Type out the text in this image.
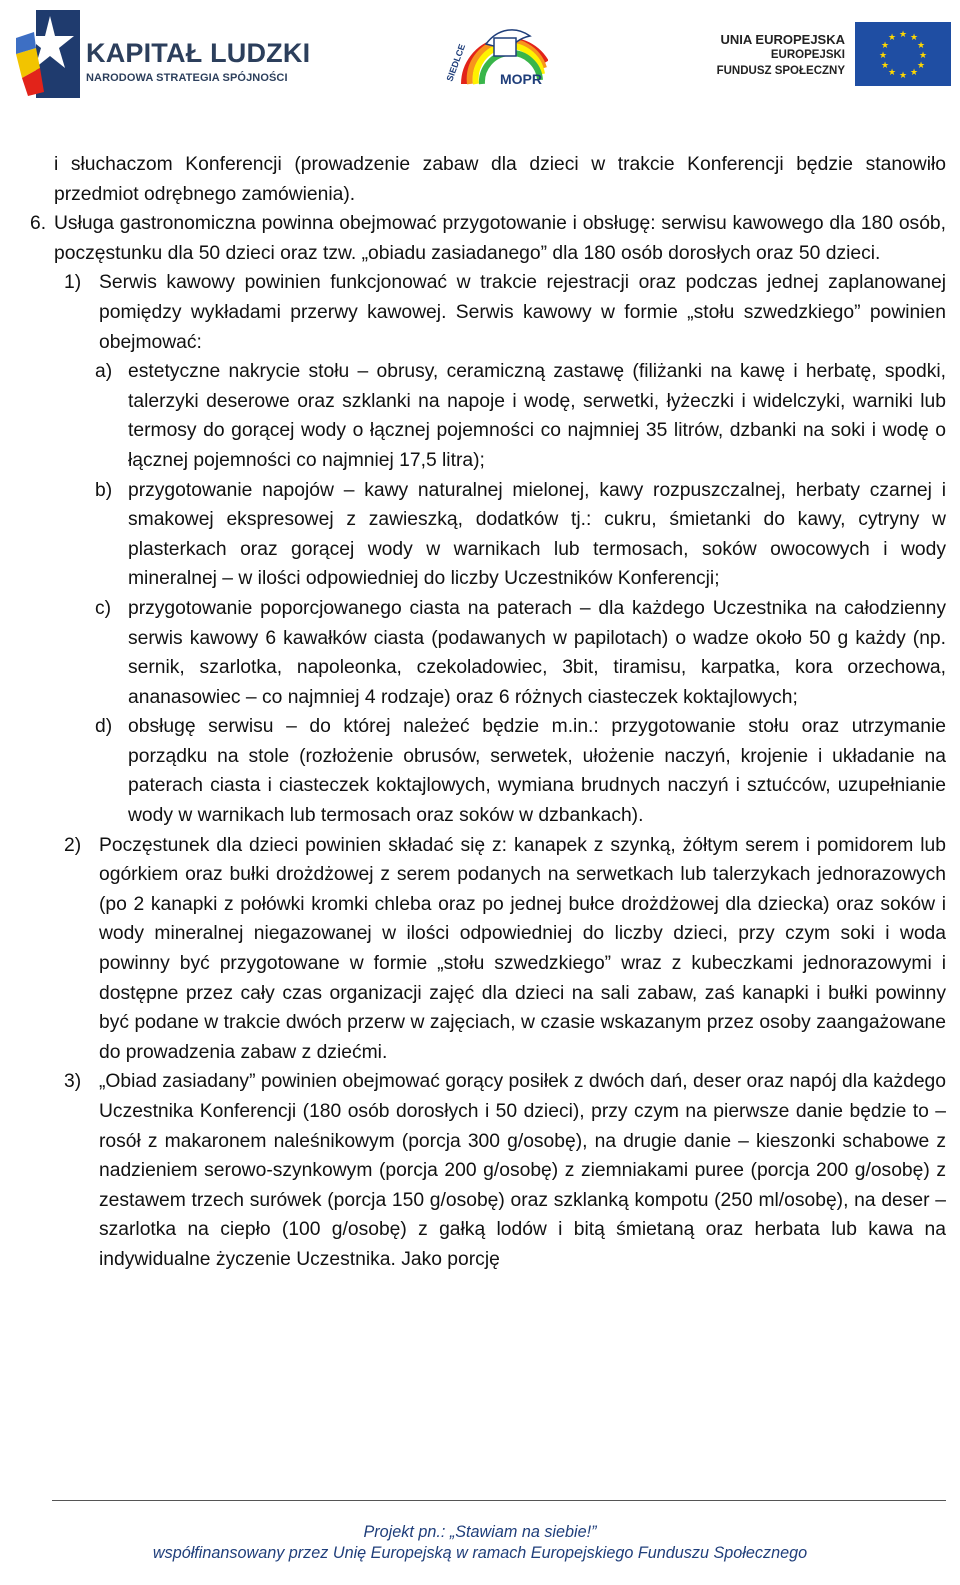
KAPITAŁ LUDZKI
NARODOWA STRATEGIA SPÓJNOŚCI	SIEDLCE MOPR
UNIA EUROPEJSKA
EUROPEJSKI
FUNDUSZ SPOŁECZNY
★ ★
★
★
★
★
★
★
★
★
★
★

i słuchaczom Konferencji (prowadzenie zabaw dla dzieci w trakcie Konferencji będzie stanowiło przedmiot odrębnego zamówienia).

6. Usługa gastronomiczna powinna obejmować przygotowanie i obsługę: serwisu kawowego dla 180 osób, poczęstunku dla 50 dzieci oraz tzw. „obiadu zasiadanego” dla 180 osób dorosłych oraz 50 dzieci.
1) Serwis kawowy powinien funkcjonować w trakcie rejestracji oraz podczas jednej zaplanowanej pomiędzy wykładami przerwy kawowej. Serwis kawowy w formie „stołu szwedzkiego” powinien obejmować:
a) estetyczne nakrycie stołu – obrusy, ceramiczną zastawę (filiżanki na kawę i herbatę, spodki, talerzyki deserowe oraz szklanki na napoje i wodę, serwetki, łyżeczki i widelczyki, warniki lub termosy do gorącej wody o łącznej pojemności co najmniej 35 litrów, dzbanki na soki i wodę o łącznej pojemności co najmniej 17,5 litra);
b) przygotowanie napojów – kawy naturalnej mielonej, kawy rozpuszczalnej, herbaty czarnej i smakowej ekspresowej z zawieszką, dodatków tj.: cukru, śmietanki do kawy, cytryny w plasterkach oraz gorącej wody w warnikach lub termosach, soków owocowych i wody mineralnej – w ilości odpowiedniej do liczby Uczestników Konferencji;
c) przygotowanie poporcjowanego ciasta na paterach – dla każdego Uczestnika na całodzienny serwis kawowy 6 kawałków ciasta (podawanych w papilotach) o wadze około 50 g każdy (np. sernik, szarlotka, napoleonka, czekoladowiec, 3bit, tiramisu, karpatka, kora orzechowa, ananasowiec – co najmniej 4 rodzaje) oraz 6 różnych ciasteczek koktajlowych;
d) obsługę serwisu – do której należeć będzie m.in.: przygotowanie stołu oraz utrzymanie porządku na stole (rozłożenie obrusów, serwetek, ułożenie naczyń, krojenie i układanie na paterach ciasta i ciasteczek koktajlowych, wymiana brudnych naczyń i sztućców, uzupełnianie wody w warnikach lub termosach oraz soków w dzbankach).
2) Poczęstunek dla dzieci powinien składać się z: kanapek z szynką, żółtym serem i pomidorem lub ogórkiem oraz bułki drożdżowej z serem podanych na serwetkach lub talerzykach jednorazowych (po 2 kanapki z połówki kromki chleba oraz po jednej bułce drożdżowej dla dziecka) oraz soków i wody mineralnej niegazowanej w ilości odpowiedniej do liczby dzieci, przy czym soki i woda powinny być przygotowane w formie „stołu szwedzkiego” wraz z kubeczkami jednorazowymi i dostępne przez cały czas organizacji zajęć dla dzieci na sali zabaw, zaś kanapki i bułki powinny być podane w trakcie dwóch przerw w zajęciach, w czasie wskazanym przez osoby zaangażowane do prowadzenia zabaw z dziećmi.
3) „Obiad zasiadany” powinien obejmować gorący posiłek z dwóch dań, deser oraz napój dla każdego Uczestnika Konferencji (180 osób dorosłych i 50 dzieci), przy czym na pierwsze danie będzie to – rosół z makaronem naleśnikowym (porcja 300 g/osobę), na drugie danie – kieszonki schabowe z nadzieniem serowo-szynkowym (porcja 200 g/osobę) z ziemniakami puree (porcja 200 g/osobę) z zestawem trzech surówek (porcja 150 g/osobę) oraz szklanką kompotu (250 ml/osobę), na deser – szarlotka na ciepło (100 g/osobę) z gałką lodów i bitą śmietaną oraz herbata lub kawa na indywidualne życzenie Uczestnika. Jako porcję
Projekt pn.: „Stawiam na siebie!”
współfinansowany przez Unię Europejską w ramach Europejskiego Funduszu Społecznego
